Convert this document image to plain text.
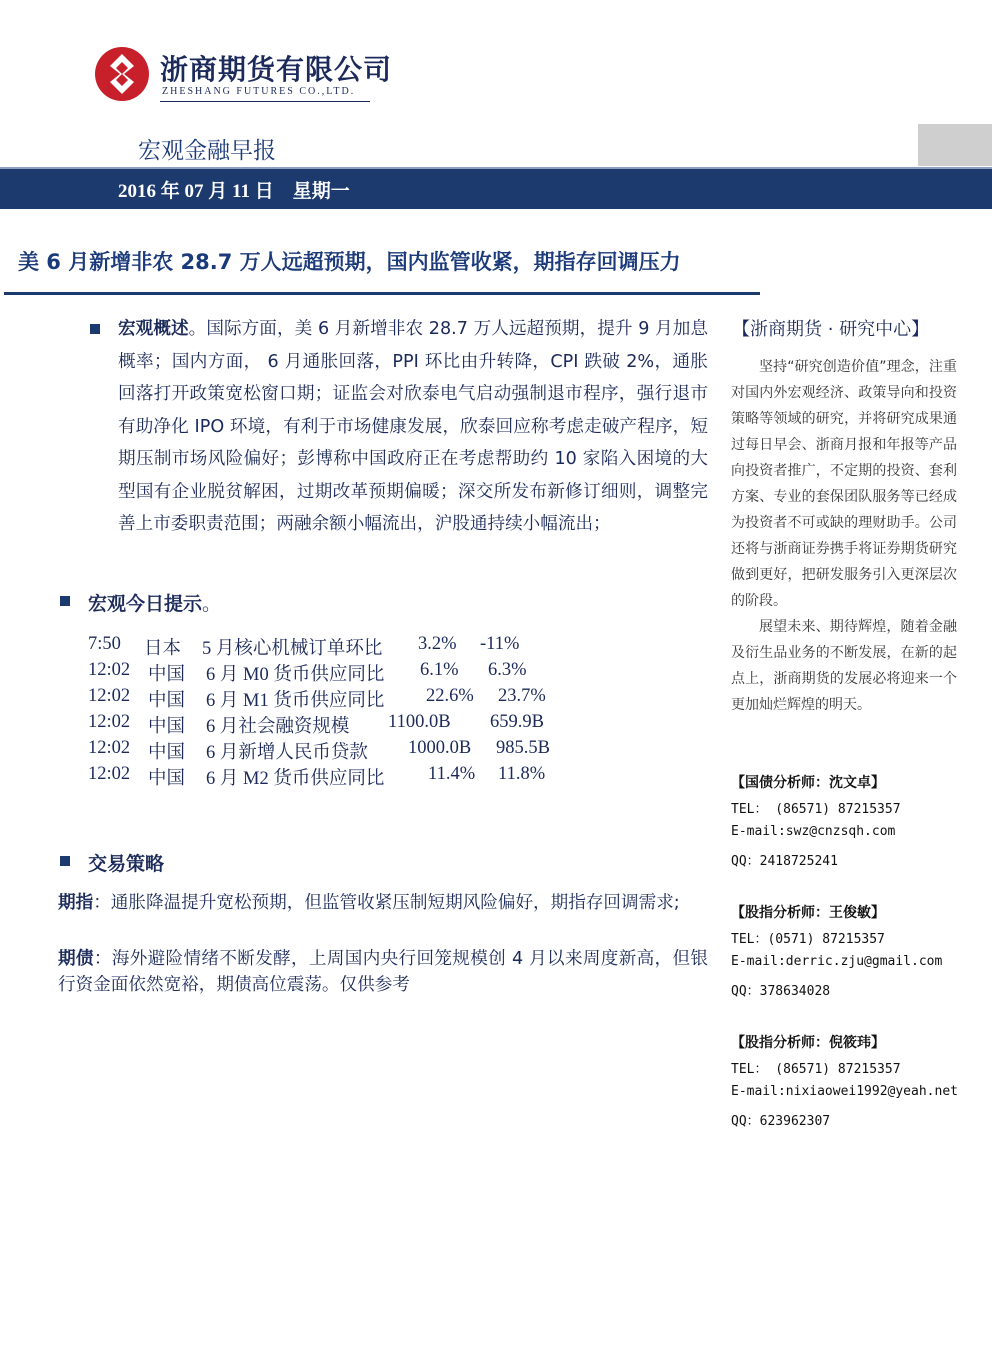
浙商期货有限公司
ZHESHANG FUTURES CO.,LTD.
宏观金融早报
2016 年 07 月 11 日    星期一
美 6 月新增非农 28.7 万人远超预期，国内监管收紧，期指存回调压力
宏观概述。国际方面，美 6 月新增非农 28.7 万人远超预期，提升 9 月加息概率；国内方面， 6 月通胀回落，PPI 环比由升转降，CPI 跌破 2%，通胀回落打开政策宽松窗口期；证监会对欣泰电气启动强制退市程序，强行退市有助净化 IPO 环境，有利于市场健康发展，欣泰回应称考虑走破产程序，短期压制市场风险偏好；彭博称中国政府正在考虑帮助约 10 家陷入困境的大型国有企业脱贫解困，过期改革预期偏暖；深交所发布新修订细则，调整完善上市委职责范围；两融余额小幅流出，沪股通持续小幅流出；
宏观今日提示。
7:50 日本 5 月核心机械订单环比 3.2% -11%
12:02 中国 6 月 M0 货币供应同比 6.1% 6.3%
12:02 中国 6 月 M1 货币供应同比 22.6% 23.7%
12:02 中国 6 月社会融资规模 1100.0B 659.9B
12:02 中国 6 月新增人民币贷款 1000.0B 985.5B
12:02 中国 6 月 M2 货币供应同比 11.4% 11.8%
交易策略
期指：通胀降温提升宽松预期，但监管收紧压制短期风险偏好，期指存回调需求;
期债：海外避险情绪不断发酵，上周国内央行回笼规模创 4 月以来周度新高，但银行资金面依然宽裕，期债高位震荡。仅供参考
【浙商期货 · 研究中心】
坚持“研究创造价值”理念，注重对国内外宏观经济、政策导向和投资策略等领域的研究，并将研究成果通过每日早会、浙商月报和年报等产品向投资者推广，不定期的投资、套利方案、专业的套保团队服务等已经成为投资者不可或缺的理财助手。公司还将与浙商证券携手将证券期货研究做到更好，把研发服务引入更深层次的阶段。
展望未来、期待辉煌，随着金融及衍生品业务的不断发展，在新的起点上，浙商期货的发展必将迎来一个更加灿烂辉煌的明天。
【国债分析师：沈文卓】
TEL： (86571) 87215357
E-mail:swz@cnzsqh.com
QQ：2418725241
【股指分析师：王俊敏】
TEL：(0571) 87215357
E-mail:derric.zju@gmail.com
QQ：378634028
【股指分析师：倪筱玮】
TEL： (86571) 87215357
E-mail:nixiaowei1992@yeah.net
QQ：623962307
